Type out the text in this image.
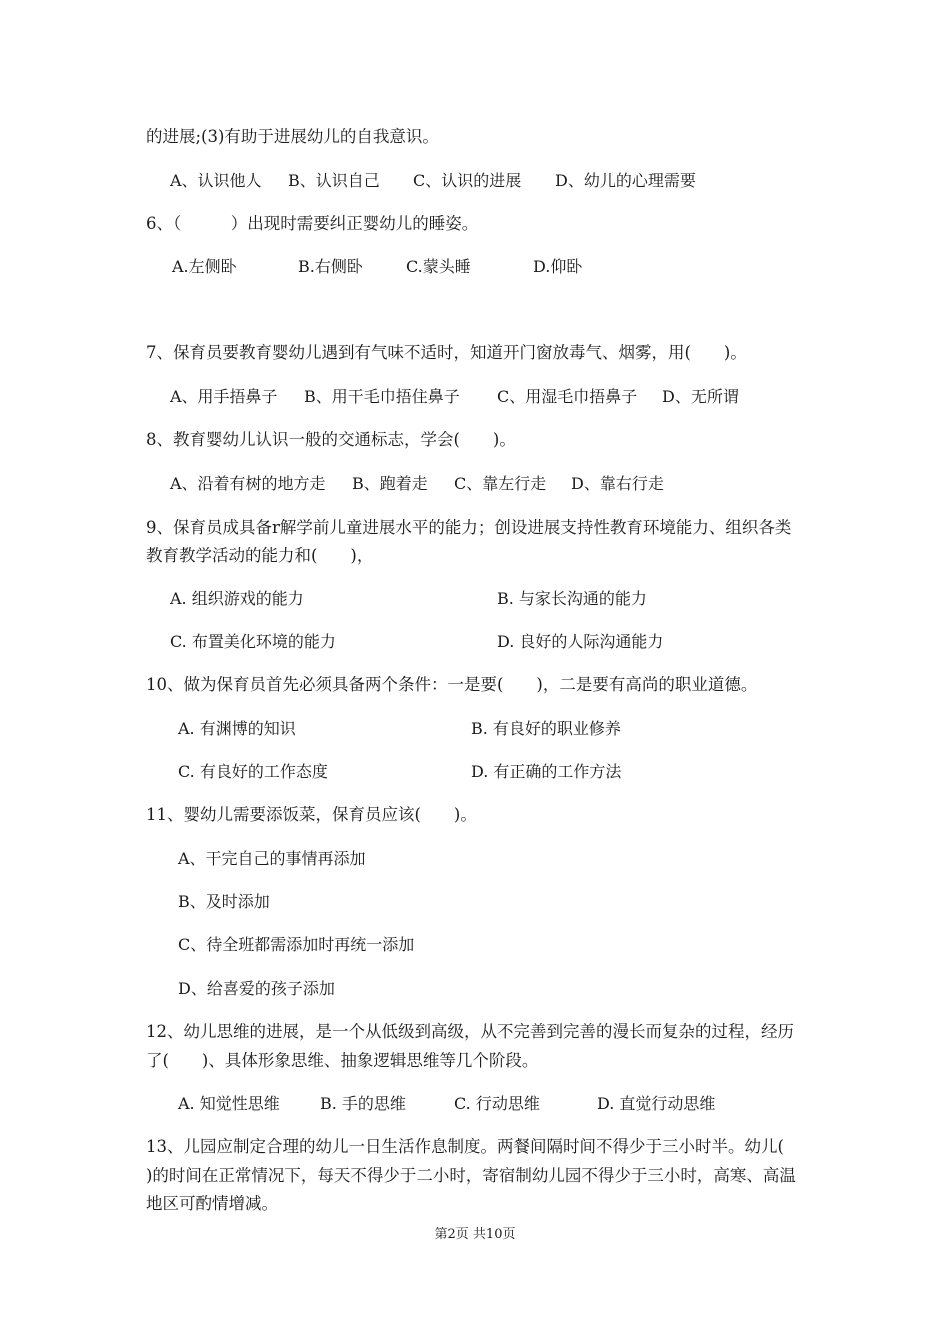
的进展;(3)有助于进展幼儿的自我意识。
A、认识他人 B、认识自己 C、认识的进展 D、幼儿的心理需要
6、（　　　）出现时需要纠正婴幼儿的睡姿。
A.左侧卧	B.右侧卧	C.蒙头睡	D.仰卧
7、保育员要教育婴幼儿遇到有气味不适时，知道开门窗放毒气、烟雾，用(　　)。
A、用手捂鼻子 B、用干毛巾捂住鼻子 C、用湿毛巾捂鼻子 D、无所谓
8、教育婴幼儿认识一般的交通标志，学会(　　)。
A、沿着有树的地方走 B、跑着走 C、靠左行走 D、靠右行走
9、保育员成具备r解学前儿童进展水平的能力；创设进展支持性教育环境能力、组织各类
教育教学活动的能力和(　　)，
A. 组织游戏的能力	B. 与家长沟通的能力
C. 布置美化环境的能力	D. 良好的人际沟通能力
10、做为保育员首先必须具备两个条件：一是要(　　)，二是要有高尚的职业道德。
A. 有渊博的知识	B. 有良好的职业修养
C. 有良好的工作态度	D. 有正确的工作方法
11、婴幼儿需要添饭菜，保育员应该(　　)。
A、干完自己的事情再添加
B、及时添加
C、待全班都需添加时再统一添加
D、给喜爱的孩子添加
12、幼儿思维的进展，是一个从低级到高级，从不完善到完善的漫长而复杂的过程，经历
了(　　)、具体形象思维、抽象逻辑思维等几个阶段。
A. 知觉性思维	B. 手的思维	C. 行动思维	D. 直觉行动思维
13、儿园应制定合理的幼儿一日生活作息制度。两餐间隔时间不得少于三小时半。幼儿(
)的时间在正常情况下，每天不得少于二小时，寄宿制幼儿园不得少于三小时，高寒、高温
地区可酌情增减。
第2页 共10页
